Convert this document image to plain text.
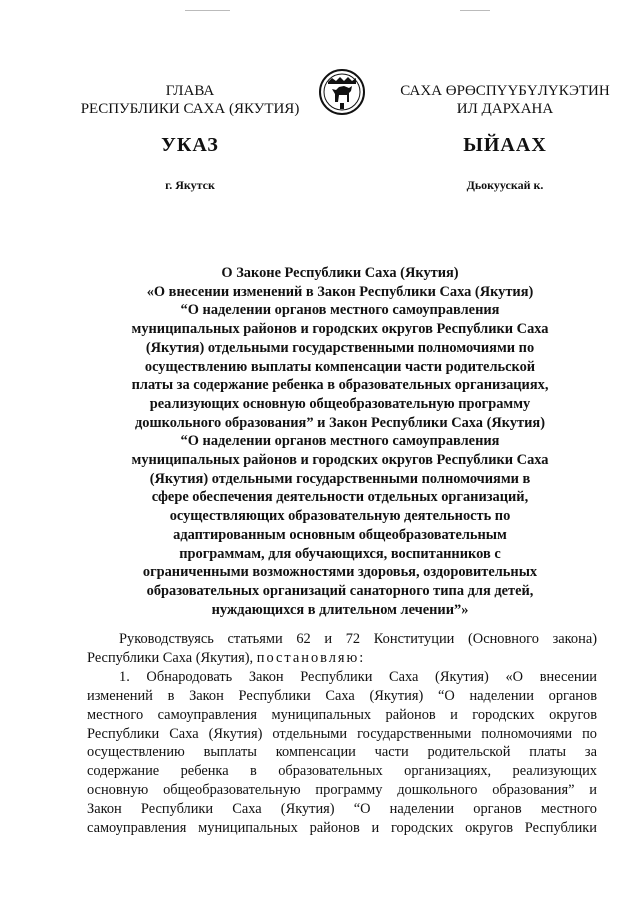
ГЛАВА
РЕСПУБЛИКИ САХА (ЯКУТИЯ)
САХА ӨРӨСПҮҮБҮЛҮКЭТИН
ИЛ ДАРХАНА
УКАЗ	ЫЙААХ
г. Якутск	Дьокуускай к.
О Законе Республики Саха (Якутия)
«О внесении изменений в Закон Республики Саха (Якутия)
“О наделении органов местного самоуправления
муниципальных районов и городских округов Республики Саха
(Якутия) отдельными государственными полномочиями по
осуществлению выплаты компенсации части родительской
платы за содержание ребенка в образовательных организациях,
реализующих основную общеобразовательную программу
дошкольного образования” и Закон Республики Саха (Якутия)
“О наделении органов местного самоуправления
муниципальных районов и городских округов Республики Саха
(Якутия) отдельными государственными полномочиями в
сфере обеспечения деятельности отдельных организаций,
осуществляющих образовательную деятельность по
адаптированным основным общеобразовательным
программам, для обучающихся, воспитанников с
ограниченными возможностями здоровья, оздоровительных
образовательных организаций санаторного типа для детей,
нуждающихся в длительном лечении”»
Руководствуясь статьями 62 и 72 Конституции (Основного закона)
Республики Саха (Якутия), постановляю:
1. Обнародовать Закон Республики Саха (Якутия) «О внесении
изменений в Закон Республики Саха (Якутия) “О наделении органов
местного самоуправления муниципальных районов и городских округов
Республики Саха (Якутия) отдельными государственными полномочиями по
осуществлению выплаты компенсации части родительской платы за
содержание ребенка в образовательных организациях, реализующих
основную общеобразовательную программу дошкольного образования” и
Закон Республики Саха (Якутия) “О наделении органов местного
самоуправления муниципальных районов и городских округов Республики
